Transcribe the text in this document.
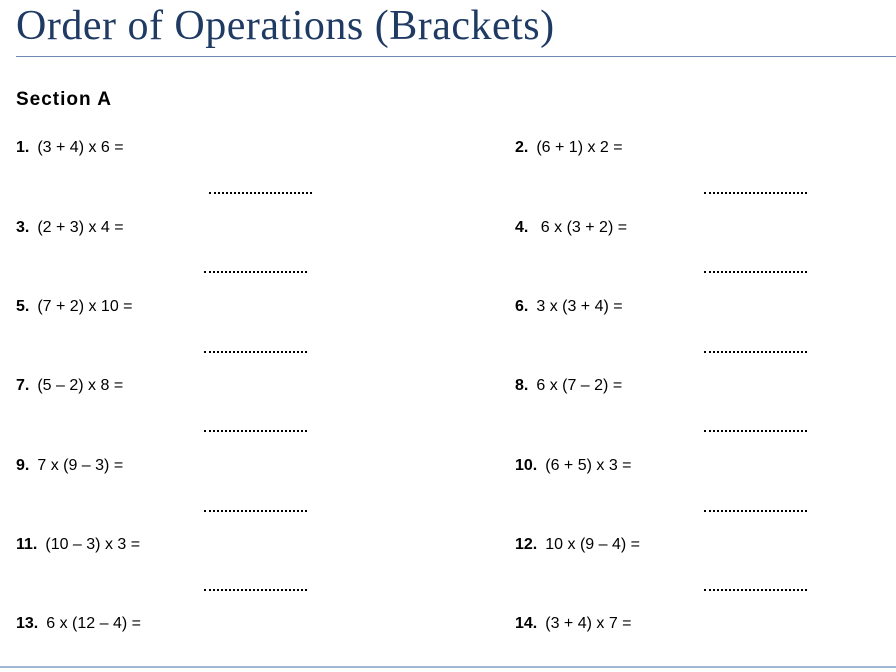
Order of Operations (Brackets)
Section A
1. (3 + 4) x 6 =	2. (6 + 1) x 2 =
3. (2 + 3) x 4 =	4. 6 x (3 + 2) =
5. (7 + 2) x 10 =	6. 3 x (3 + 4) =
7. (5 – 2) x 8 =	8. 6 x (7 – 2) =
9. 7 x (9 – 3) =	10. (6 + 5) x 3 =
11. (10 – 3) x 3 =	12. 10 x (9 – 4) =
13. 6 x (12 – 4) =	14. (3 + 4) x 7 =
